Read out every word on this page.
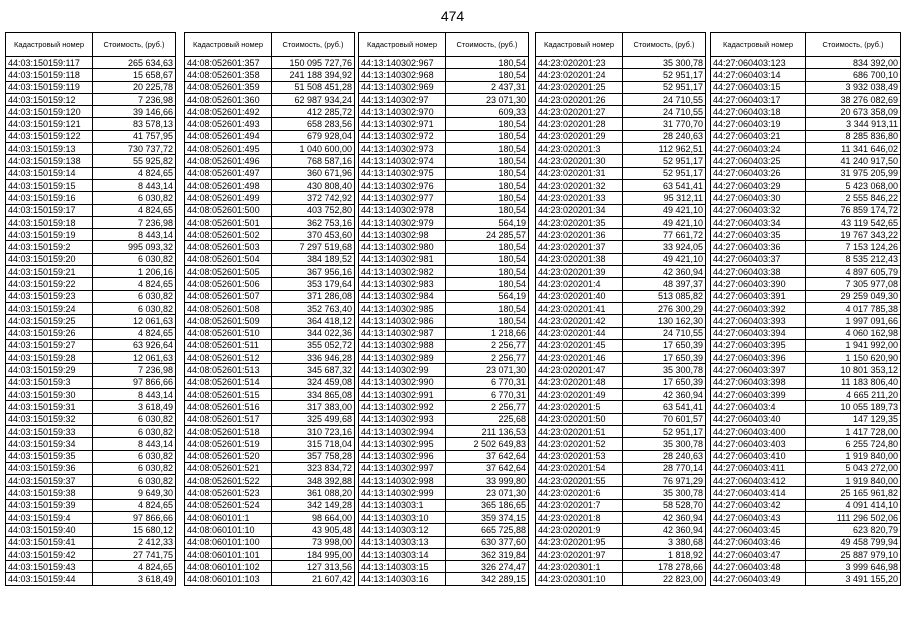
474
Кадастровый номер	Стоимость, (руб.)
44:03:150159:117	265 634,63
44:03:150159:118	15 658,67
44:03:150159:119	20 225,78
44:03:150159:12	7 236,98
44:03:150159:120	39 146,66
44:03:150159:121	83 578,13
44:03:150159:122	41 757,95
44:03:150159:13	730 737,72
44:03:150159:138	55 925,82
44:03:150159:14	4 824,65
44:03:150159:15	8 443,14
44:03:150159:16	6 030,82
44:03:150159:17	4 824,65
44:03:150159:18	7 236,98
44:03:150159:19	8 443,14
44:03:150159:2	995 093,32
44:03:150159:20	6 030,82
44:03:150159:21	1 206,16
44:03:150159:22	4 824,65
44:03:150159:23	6 030,82
44:03:150159:24	6 030,82
44:03:150159:25	12 061,63
44:03:150159:26	4 824,65
44:03:150159:27	63 926,64
44:03:150159:28	12 061,63
44:03:150159:29	7 236,98
44:03:150159:3	97 866,66
44:03:150159:30	8 443,14
44:03:150159:31	3 618,49
44:03:150159:32	6 030,82
44:03:150159:33	6 030,82
44:03:150159:34	8 443,14
44:03:150159:35	6 030,82
44:03:150159:36	6 030,82
44:03:150159:37	6 030,82
44:03:150159:38	9 649,30
44:03:150159:39	4 824,65
44:03:150159:4	97 866,66
44:03:150159:40	15 680,12
44:03:150159:41	2 412,33
44:03:150159:42	27 741,75
44:03:150159:43	4 824,65
44:03:150159:44	3 618,49
Кадастровый номер	Стоимость, (руб.)
44:08:052601:357	150 095 727,76
44:08:052601:358	241 188 394,92
44:08:052601:359	51 508 451,28
44:08:052601:360	62 987 934,24
44:08:052601:492	412 285,72
44:08:052601:493	658 283,56
44:08:052601:494	679 928,04
44:08:052601:495	1 040 600,00
44:08:052601:496	768 587,16
44:08:052601:497	360 671,96
44:08:052601:498	430 808,40
44:08:052601:499	372 742,92
44:08:052601:500	403 752,80
44:08:052601:501	362 753,16
44:08:052601:502	370 453,60
44:08:052601:503	7 297 519,68
44:08:052601:504	384 189,52
44:08:052601:505	367 956,16
44:08:052601:506	353 179,64
44:08:052601:507	371 286,08
44:08:052601:508	352 763,40
44:08:052601:509	364 418,12
44:08:052601:510	344 022,36
44:08:052601:511	355 052,72
44:08:052601:512	336 946,28
44:08:052601:513	345 687,32
44:08:052601:514	324 459,08
44:08:052601:515	334 865,08
44:08:052601:516	317 383,00
44:08:052601:517	325 499,68
44:08:052601:518	310 723,16
44:08:052601:519	315 718,04
44:08:052601:520	357 758,28
44:08:052601:521	323 834,72
44:08:052601:522	348 392,88
44:08:052601:523	361 088,20
44:08:052601:524	342 149,28
44:08:060101:1	98 664,00
44:08:060101:10	43 905,48
44:08:060101:100	73 998,00
44:08:060101:101	184 995,00
44:08:060101:102	127 313,56
44:08:060101:103	21 607,42
Кадастровый номер	Стоимость, (руб.)
44:13:140302:967	180,54
44:13:140302:968	180,54
44:13:140302:969	2 437,31
44:13:140302:97	23 071,30
44:13:140302:970	609,33
44:13:140302:971	180,54
44:13:140302:972	180,54
44:13:140302:973	180,54
44:13:140302:974	180,54
44:13:140302:975	180,54
44:13:140302:976	180,54
44:13:140302:977	180,54
44:13:140302:978	180,54
44:13:140302:979	564,19
44:13:140302:98	24 285,57
44:13:140302:980	180,54
44:13:140302:981	180,54
44:13:140302:982	180,54
44:13:140302:983	180,54
44:13:140302:984	564,19
44:13:140302:985	180,54
44:13:140302:986	180,54
44:13:140302:987	1 218,66
44:13:140302:988	2 256,77
44:13:140302:989	2 256,77
44:13:140302:99	23 071,30
44:13:140302:990	6 770,31
44:13:140302:991	6 770,31
44:13:140302:992	2 256,77
44:13:140302:993	225,68
44:13:140302:994	211 136,53
44:13:140302:995	2 502 649,83
44:13:140302:996	37 642,64
44:13:140302:997	37 642,64
44:13:140302:998	33 999,80
44:13:140302:999	23 071,30
44:13:140303:1	365 186,65
44:13:140303:10	359 374,15
44:13:140303:12	665 725,88
44:13:140303:13	630 377,60
44:13:140303:14	362 319,84
44:13:140303:15	326 274,47
44:13:140303:16	342 289,15
Кадастровый номер	Стоимость, (руб.)
44:23:020201:23	35 300,78
44:23:020201:24	52 951,17
44:23:020201:25	52 951,17
44:23:020201:26	24 710,55
44:23:020201:27	24 710,55
44:23:020201:28	31 770,70
44:23:020201:29	28 240,63
44:23:020201:3	112 962,51
44:23:020201:30	52 951,17
44:23:020201:31	52 951,17
44:23:020201:32	63 541,41
44:23:020201:33	95 312,11
44:23:020201:34	49 421,10
44:23:020201:35	49 421,10
44:23:020201:36	77 661,72
44:23:020201:37	33 924,05
44:23:020201:38	49 421,10
44:23:020201:39	42 360,94
44:23:020201:4	48 397,37
44:23:020201:40	513 085,82
44:23:020201:41	276 300,29
44:23:020201:42	130 162,30
44:23:020201:44	24 710,55
44:23:020201:45	17 650,39
44:23:020201:46	17 650,39
44:23:020201:47	35 300,78
44:23:020201:48	17 650,39
44:23:020201:49	42 360,94
44:23:020201:5	63 541,41
44:23:020201:50	70 601,57
44:23:020201:51	52 951,17
44:23:020201:52	35 300,78
44:23:020201:53	28 240,63
44:23:020201:54	28 770,14
44:23:020201:55	76 971,29
44:23:020201:6	35 300,78
44:23:020201:7	58 528,70
44:23:020201:8	42 360,94
44:23:020201:9	42 360,94
44:23:020201:95	3 380,68
44:23:020201:97	1 818,92
44:23:020301:1	178 278,66
44:23:020301:10	22 823,00
Кадастровый номер	Стоимость, (руб.)
44:27:060403:123	834 392,00
44:27:060403:14	686 700,10
44:27:060403:15	3 932 038,49
44:27:060403:17	38 276 082,69
44:27:060403:18	20 673 358,09
44:27:060403:19	3 344 913,11
44:27:060403:21	8 285 836,80
44:27:060403:24	11 341 646,02
44:27:060403:25	41 240 917,50
44:27:060403:26	31 975 205,99
44:27:060403:29	5 423 068,00
44:27:060403:30	2 555 846,22
44:27:060403:32	76 859 174,72
44:27:060403:34	43 119 542,65
44:27:060403:35	19 767 343,22
44:27:060403:36	7 153 124,26
44:27:060403:37	8 535 212,43
44:27:060403:38	4 897 605,79
44:27:060403:390	7 305 977,08
44:27:060403:391	29 259 049,30
44:27:060403:392	4 017 785,38
44:27:060403:393	1 997 091,66
44:27:060403:394	4 060 162,98
44:27:060403:395	1 941 992,00
44:27:060403:396	1 150 620,90
44:27:060403:397	10 801 353,12
44:27:060403:398	11 183 806,40
44:27:060403:399	4 665 211,20
44:27:060403:4	10 055 189,73
44:27:060403:40	147 129,35
44:27:060403:400	1 417 728,00
44:27:060403:403	6 255 724,80
44:27:060403:410	1 919 840,00
44:27:060403:411	5 043 272,00
44:27:060403:412	1 919 840,00
44:27:060403:414	25 165 961,82
44:27:060403:42	4 091 414,10
44:27:060403:43	111 296 502,06
44:27:060403:45	623 820,79
44:27:060403:46	49 458 799,94
44:27:060403:47	25 887 979,10
44:27:060403:48	3 999 646,98
44:27:060403:49	3 491 155,20
